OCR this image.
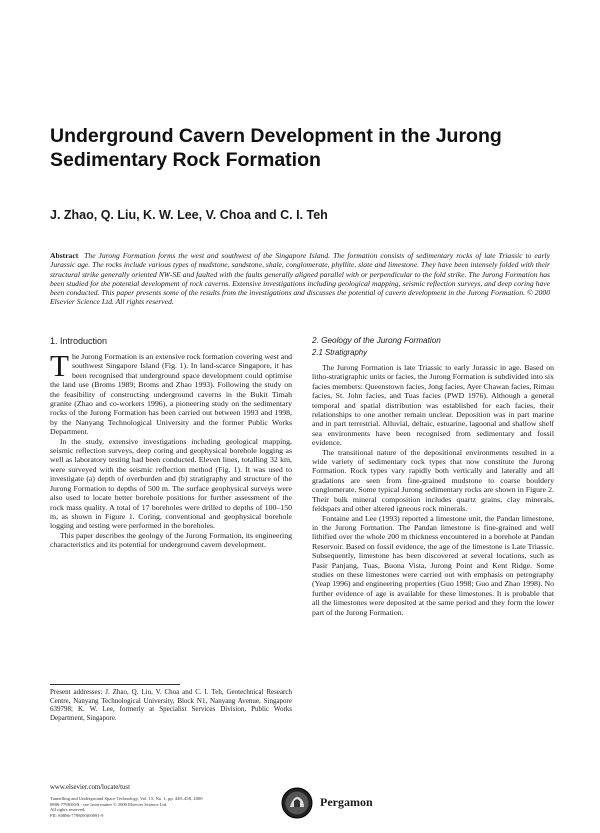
Underground Cavern Development in the Jurong Sedimentary Rock Formation
J. Zhao, Q. Liu, K. W. Lee, V. Choa and C. I. Teh
Abstract The Jurong Formation forms the west and southwest of the Singapore Island. The formation consists of sedimentary rocks of late Triassic to early Jurassic age. The rocks include various types of mudstone, sandstone, shale, conglomerate, phyllite, slate and limestone. They have been intensely folded with their structural strike generally oriented NW-SE and faulted with the faults generally aligned parallel with or perpendicular to the fold strike. The Jurong Formation has been studied for the potential development of rock caverns. Extensive investigations including geological mapping, seismic reflection surveys, and deep coring have been conducted. This paper presents some of the results from the investigations and discusses the potential of cavern development in the Jurong Formation. © 2000 Elsevier Science Ltd. All rights reserved.
1. Introduction

The Jurong Formation is an extensive rock formation covering west and southwest Singapore Island (Fig. 1). In land-scarce Singapore, it has been recognised that underground space development could optimise the land use (Broms 1989; Broms and Zhao 1993). Following the study on the feasibility of constructing underground caverns in the Bukit Timah granite (Zhao and co-workers 1996), a pioneering study on the sedimentary rocks of the Jurong Formation has been carried out between 1993 and 1998, by the Nanyang Technological University and the former Public Works Department.

In the study, extensive investigations including geological mapping, seismic reflection surveys, deep coring and geophysical borehole logging as well as laboratory testing had been conducted. Eleven lines, totalling 32 km, were surveyed with the seismic reflection method (Fig. 1). It was used to investigate (a) depth of overburden and (b) stratigraphy and structure of the Jurong Formation to depths of 500 m. The surface geophysical surveys were also used to locate better borehole positions for further assessment of the rock mass quality. A total of 17 boreholes were drilled to depths of 100–150 m, as shown in Figure 1. Coring, conventional and geophysical borehole logging and testing were performed in the boreholes.

This paper describes the geology of the Jurong Formation, its engineering characteristics and its potential for underground cavern development.

2. Geology of the Jurong Formation
2.1 Stratigraphy

The Jurong Formation is late Triassic to early Jurassic in age. Based on litho-stratigraphic units or facies, the Jurong Formation is subdivided into six facies members: Queenstown facies, Jong facies, Ayer Chawan facies, Rimau facies, St. John facies, and Tuas facies (PWD 1976). Although a general temporal and spatial distribution was established for each facies, their relationships to one another remain unclear. Deposition was in part marine and in part terrestrial. Alluvial, deltaic, estuarine, lagoonal and shallow shelf sea environments have been recognised from sedimentary and fossil evidence.

The transitional nature of the depositional environments resulted in a wide variety of sedimentary rock types that now constitute the Jurong Formation. Rock types vary rapidly both vertically and laterally and all gradations are seen from fine-grained mudstone to coarse bouldery conglomerate. Some typical Jurong sedimentary rocks are shown in Figure 2. Their bulk mineral composition includes quartz grains, clay minerals, feldspars and other altered igneous rock minerals.

Fontaine and Lee (1993) reported a limestone unit, the Pandan limestone, in the Jurong Formation. The Pandan limestone is fine-grained and well lithified over the whole 200 m thickness encountered in a borehole at Pandan Reservoir. Based on fossil evidence, the age of the limestone is Late Triassic. Subsequently, limestone has been discovered at several locations, such as Pasir Panjang, Tuas, Buona Vista, Jurong Point and Kent Ridge. Some studies on these limestones were carried out with emphasis on petrography (Yeap 1996) and engineering properties (Guo 1998; Guo and Zhao 1998). No further evidence of age is available for these limestones. It is probable that all the limestones were deposited at the same period and they form the lower part of the Jurong Formation.

Present addresses: J. Zhao, Q. Liu, V. Choa and C. I. Teh, Geotechnical Research Centre, Nanyang Technological University, Block N1, Nanyang Avenue, Singapore 639798; K. W. Lee, formerly at Specialist Services Division, Public Works Department, Singapore.
www.elsevier.com/locate/tust
Tunnelling and Underground Space Technology, Vol. 15, No. 1, pp. 449–458, 2000
0886-7798/00/$ - see front matter © 2000 Elsevier Science Ltd.
All rights reserved.
PII: S0886-7798(00)00091-9
Pergamon
